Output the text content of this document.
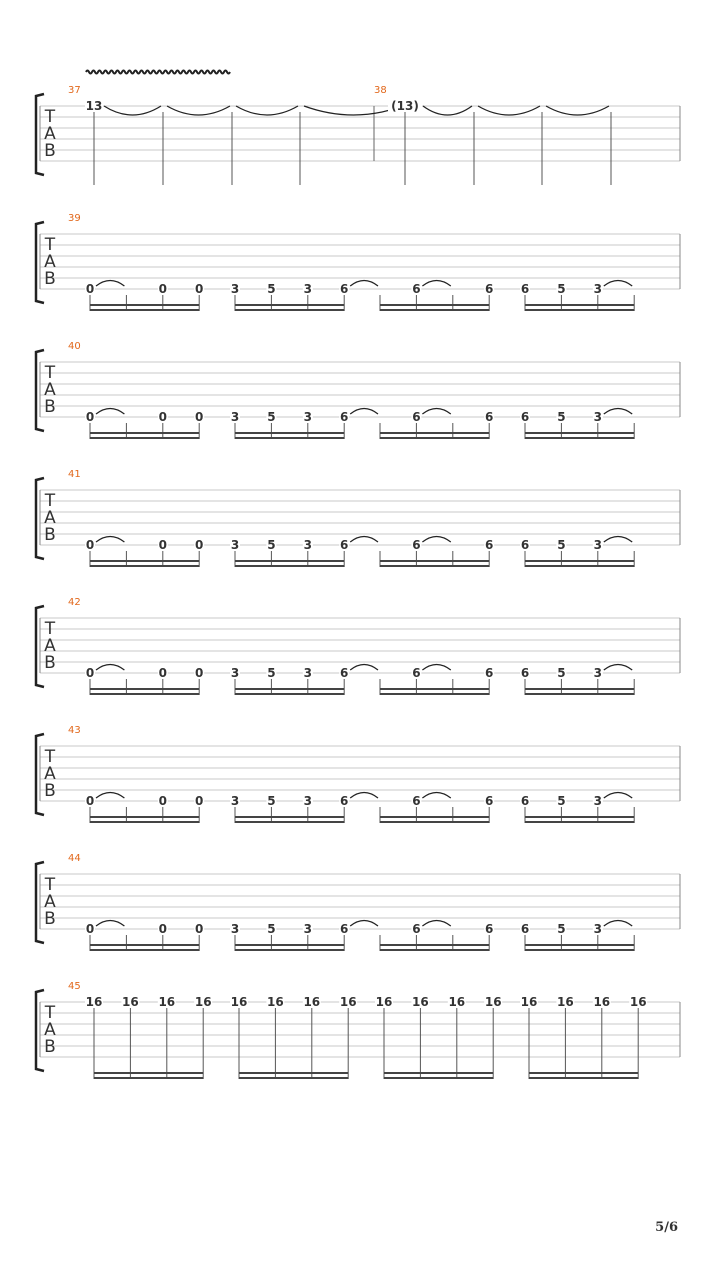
T
A
B
37	38
13	(13)
T
A
B
39
0	0 0 3 5 3 6	6	6 6 5 3
T
A
B
40
0	0 0 3 5 3 6	6	6 6 5 3
T
A
B
41
0	0 0 3 5 3 6	6	6 6 5 3
T
A
B
42
0	0 0 3 5 3 6	6	6 6 5 3
T
A
B
43
0	0 0 3 5 3 6	6	6 6 5 3
T
A
B
44
0	0 0 3 5 3 6	6	6 6 5 3
T
A
B
45
16 16 16 16 16 16 16 16 16 16 16 16 16 16 16 16
5/6
